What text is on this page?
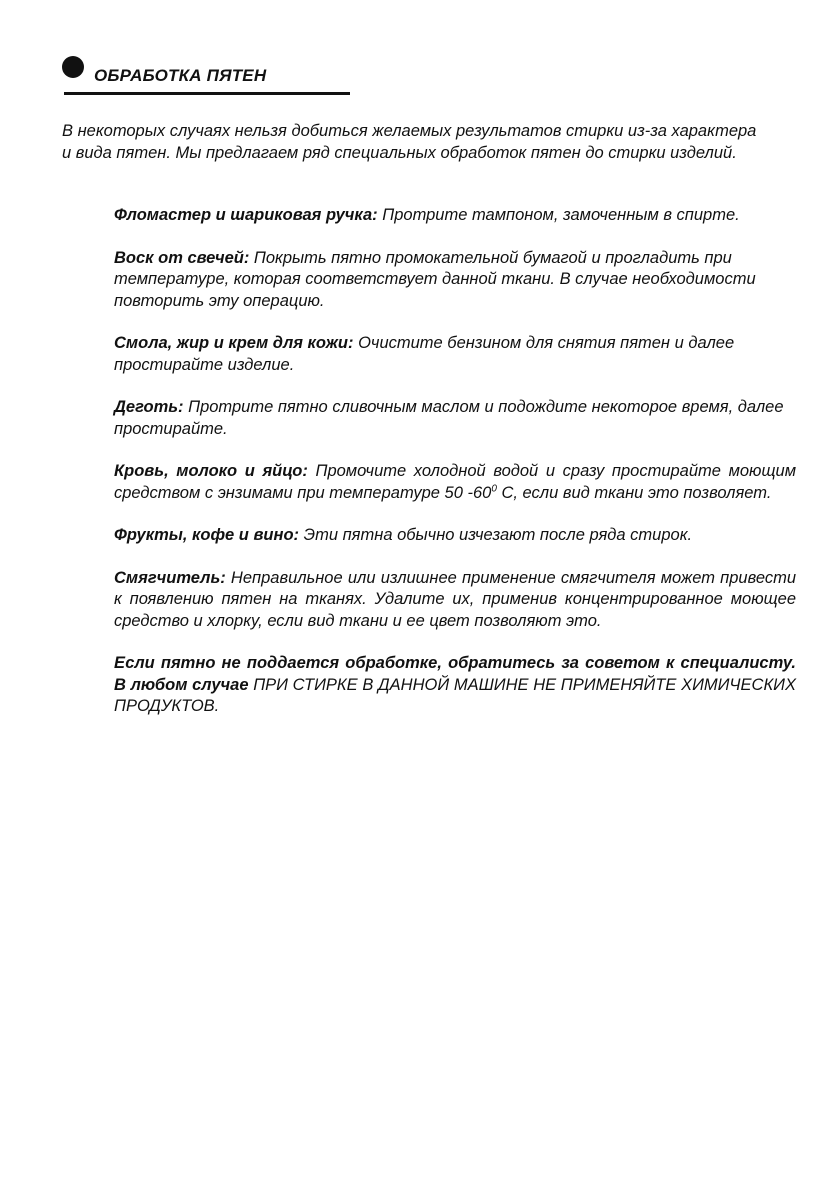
ОБРАБОТКА ПЯТЕН

В некоторых случаях нельзя добиться желаемых результатов стирки из-за характера и вида пятен. Мы предлагаем ряд специальных обработок пятен до стирки изделий.

Фломастер и шариковая ручка: Протрите тампоном, замоченным в спирте.

Воск от свечей: Покрыть пятно промокательной бумагой и прогладить при температуре, которая соответствует данной ткани. В случае необходимости повторить эту операцию.

Смола, жир и крем для кожи: Очистите бензином для снятия пятен и далее простирайте изделие.

Деготь: Протрите пятно сливочным маслом и подождите некоторое время, далее простирайте.

Кровь, молоко и яйцо: Промочите холодной водой и сразу простирайте моющим средством с энзимами при температуре 50 $-60^0$ С, если вид ткани это позволяет.

Фрукты, кофе и вино: Эти пятна обычно изчезают после ряда стирок.

Смягчитель: Неправильное или излишнее применение смягчителя может привести к появлению пятен на тканях. Удалите их, применив концентрированное моющее средство и хлорку, если вид ткани и ее цвет позволяют это.

Если пятно не поддается обработке, обратитесь за советом к специалисту. В любом случае ПРИ СТИРКЕ В ДАННОЙ МАШИНЕ НЕ ПРИМЕНЯЙТЕ ХИМИЧЕСКИХ ПРОДУКТОВ.
